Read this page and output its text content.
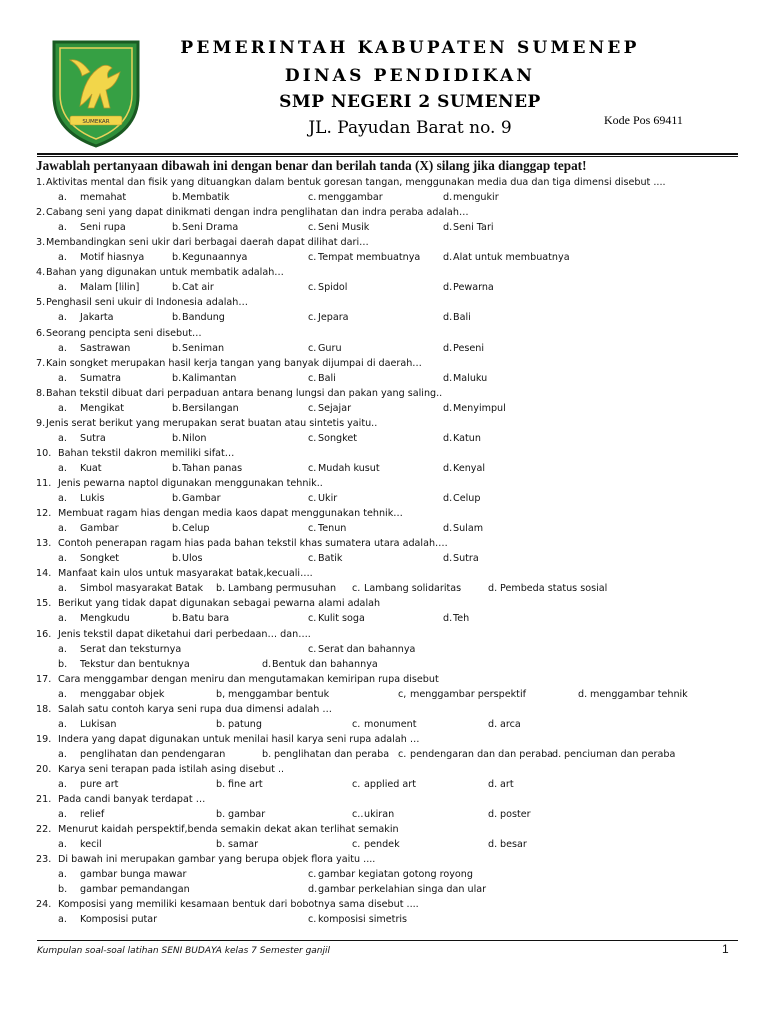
SUMEKAR
PEMERINTAH KABUPATEN SUMENEP
DINAS PENDIDIKAN
SMP NEGERI 2 SUMENEP
JL. Payudan Barat no. 9	Kode Pos 69411
Jawablah pertanyaan dibawah ini dengan benar dan berilah tanda (X) silang jika dianggap tepat!
1. Aktivitas mental dan fisik yang dituangkan dalam bentuk goresan tangan, menggunakan media dua dan tiga dimensi disebut ....
a. memahat	b. Membatik	c. menggambar	d. mengukir
2. Cabang seni yang dapat dinikmati dengan indra penglihatan dan indra peraba adalah…
a. Seni rupa	b. Seni Drama	c. Seni Musik	d. Seni Tari
3. Membandingkan seni ukir dari berbagai daerah dapat dilihat dari…
a. Motif hiasnya	b. Kegunaannya	c. Tempat membuatnya d. Alat untuk membuatnya
4. Bahan yang digunakan untuk membatik adalah…
a. Malam [lilin]	b. Cat air	c. Spidol	d. Pewarna
5. Penghasil seni ukuir di Indonesia adalah…
a. Jakarta	b. Bandung	c. Jepara	d. Bali
6. Seorang pencipta seni disebut…
a. Sastrawan	b. Seniman	c. Guru	d. Peseni
7. Kain songket merupakan hasil kerja tangan yang banyak dijumpai di daerah…
a. Sumatra	b. Kalimantan	c. Bali	d. Maluku
8. Bahan tekstil dibuat dari perpaduan antara benang lungsi dan pakan yang saling..
a. Mengikat	b. Bersilangan	c. Sejajar	d. Menyimpul
9. Jenis serat berikut yang merupakan serat buatan atau sintetis yaitu..
a. Sutra	b. Nilon	c. Songket	d. Katun
10. Bahan tekstil dakron memiliki sifat…
a. Kuat	b. Tahan panas	c. Mudah kusut	d. Kenyal
11. Jenis pewarna naptol digunakan menggunakan tehnik..
a. Lukis	b. Gambar	c. Ukir	d. Celup
12. Membuat ragam hias dengan media kaos dapat menggunakan tehnik…
a. Gambar	b. Celup	c. Tenun	d. Sulam
13. Contoh penerapan ragam hias pada bahan tekstil khas sumatera utara adalah….
a. Songket	b. Ulos	c. Batik	d. Sutra
14. Manfaat kain ulos untuk masyarakat batak,kecuali….
a. Simbol masyarakat Batak b. Lambang permusuhan c. Lambang solidaritas	d. Pembeda status sosial
15. Berikut yang tidak dapat digunakan sebagai pewarna alami adalah
a. Mengkudu	b. Batu bara	c. Kulit soga	d. Teh
16. Jenis tekstil dapat diketahui dari perbedaan… dan….
a. Serat dan teksturnya	c. Serat dan bahannya
b. Tekstur dan bentuknya	d. Bentuk dan bahannya
17. Cara menggambar dengan meniru dan mengutamakan kemiripan rupa disebut
a. menggabar objek	b, menggambar bentuk	c, menggambar perspektif	d. menggambar tehnik
18. Salah satu contoh karya seni rupa dua dimensi adalah …
a. Lukisan	b. patung	c. monument	d. arca
19. Indera yang dapat digunakan untuk menilai hasil karya seni rupa adalah …
a. penglihatan dan pendengaran	b. penglihatan dan peraba c. pendengaran dan dan peraba
d. penciuman dan peraba
20. Karya seni terapan pada istilah asing disebut ..
a. pure art	b. fine art	c. applied art	d. art
21. Pada candi banyak terdapat …
a. relief	b. gambar	c.. ukiran	d. poster
22. Menurut kaidah perspektif,benda semakin dekat akan terlihat semakin
a. kecil	b. samar	c. pendek	d. besar
23. Di bawah ini merupakan gambar yang berupa objek flora yaitu ....
a. gambar bunga mawar	c. gambar kegiatan gotong royong
b. gambar pemandangan	d. gambar perkelahian singa dan ular
24. Komposisi yang memiliki kesamaan bentuk dari bobotnya sama disebut ....
a. Komposisi putar	c. komposisi simetris
Kumpulan soal-soal latihan SENI BUDAYA kelas 7 Semester ganjil	1
